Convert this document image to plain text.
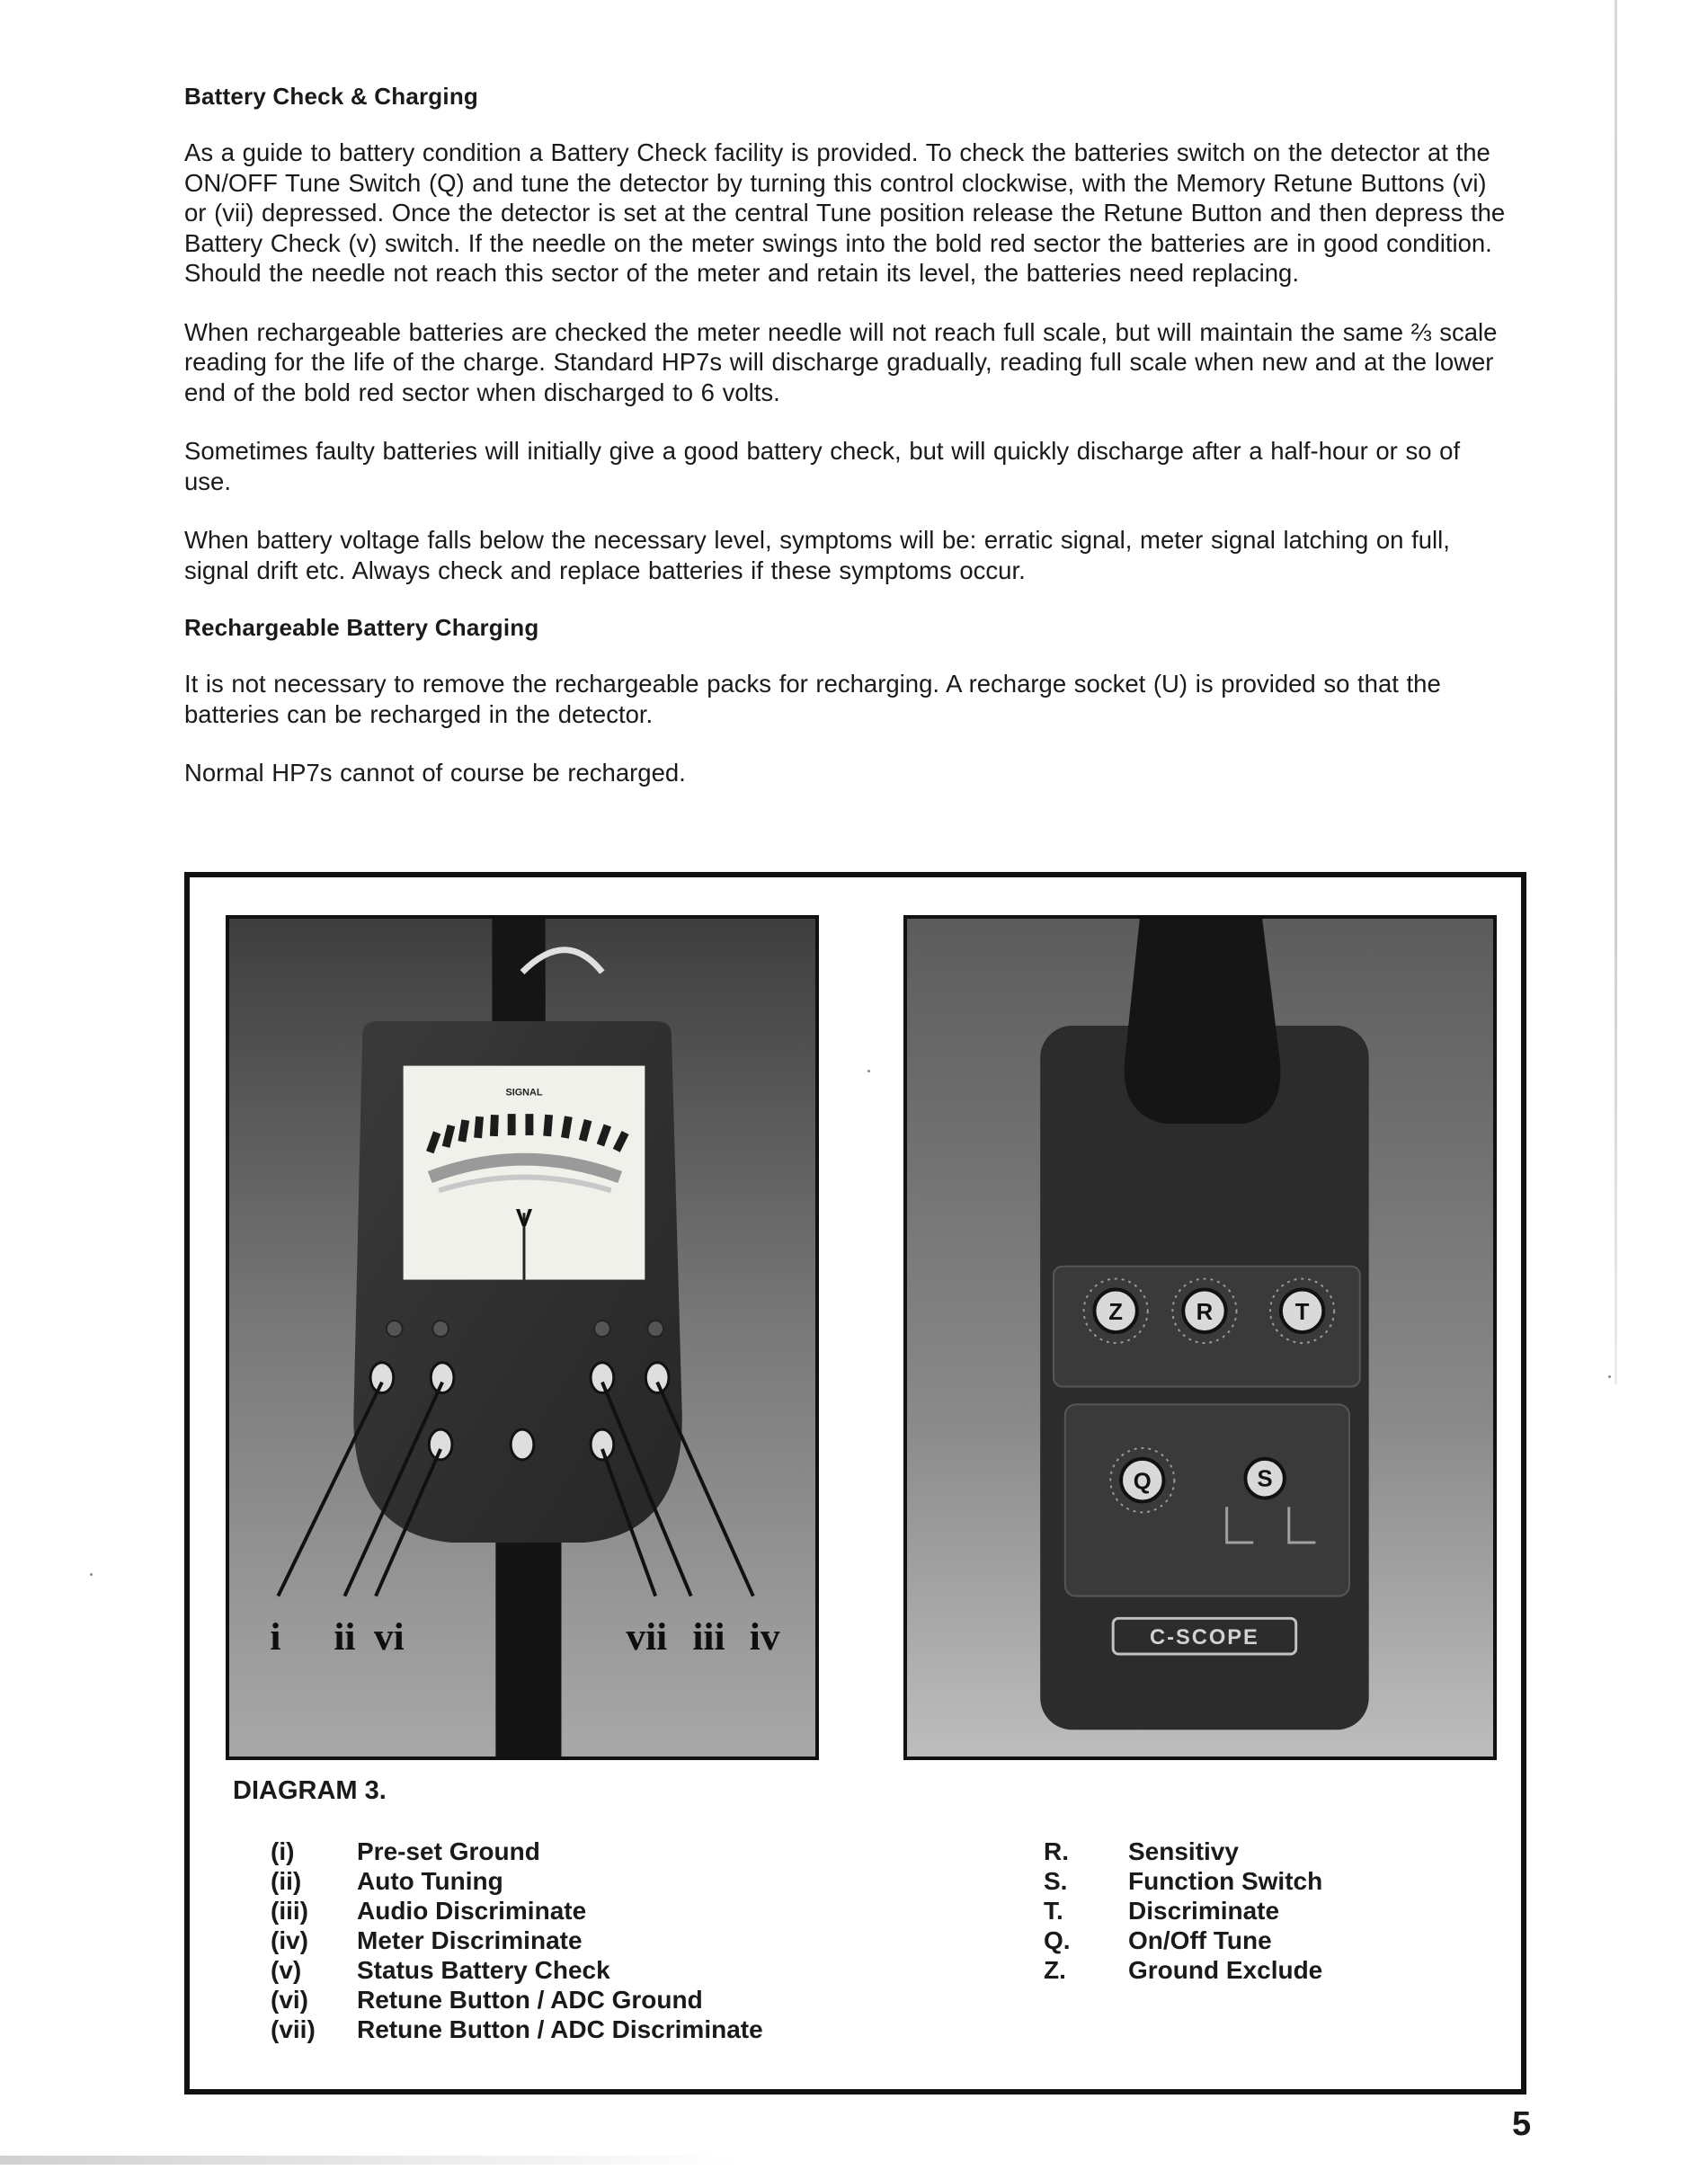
Battery Check & Charging

As a guide to battery condition a Battery Check facility is provided. To check the batteries switch on the detector at the ON/OFF Tune Switch (Q) and tune the detector by turning this control clockwise, with the Memory Retune Buttons (vi) or (vii) depressed. Once the detector is set at the central Tune position release the Retune Button and then depress the Battery Check (v) switch. If the needle on the meter swings into the bold red sector the batteries are in good condition. Should the needle not reach this sector of the meter and retain its level, the batteries need replacing.

When rechargeable batteries are checked the meter needle will not reach full scale, but will maintain the same ⅔ scale reading for the life of the charge. Standard HP7s will discharge gradually, reading full scale when new and at the lower end of the bold red sector when discharged to 6 volts.

Sometimes faulty batteries will initially give a good battery check, but will quickly discharge after a half-hour or so of use.

When battery voltage falls below the necessary level, symptoms will be: erratic signal, meter signal latching on full, signal drift etc. Always check and replace batteries if these symptoms occur.

Rechargeable Battery Charging

It is not necessary to remove the rechargeable packs for recharging. A recharge socket (U) is provided so that the batteries can be recharged in the detector.

Normal HP7s cannot of course be recharged.

SIGNAL
V
i ii vi	vii iii iv
Z	R	T
Q	S
C-SCOPE
DIAGRAM 3.
(i)	Pre-set Ground
(ii)	Auto Tuning
(iii)	Audio Discriminate
(iv)	Meter Discriminate
(v)	Status Battery Check
(vi)	Retune Button / ADC Ground
(vii)	Retune Button / ADC Discriminate
R.	Sensitivy
S.	Function Switch
T.	Discriminate
Q.	On/Off Tune
Z.	Ground Exclude
5
